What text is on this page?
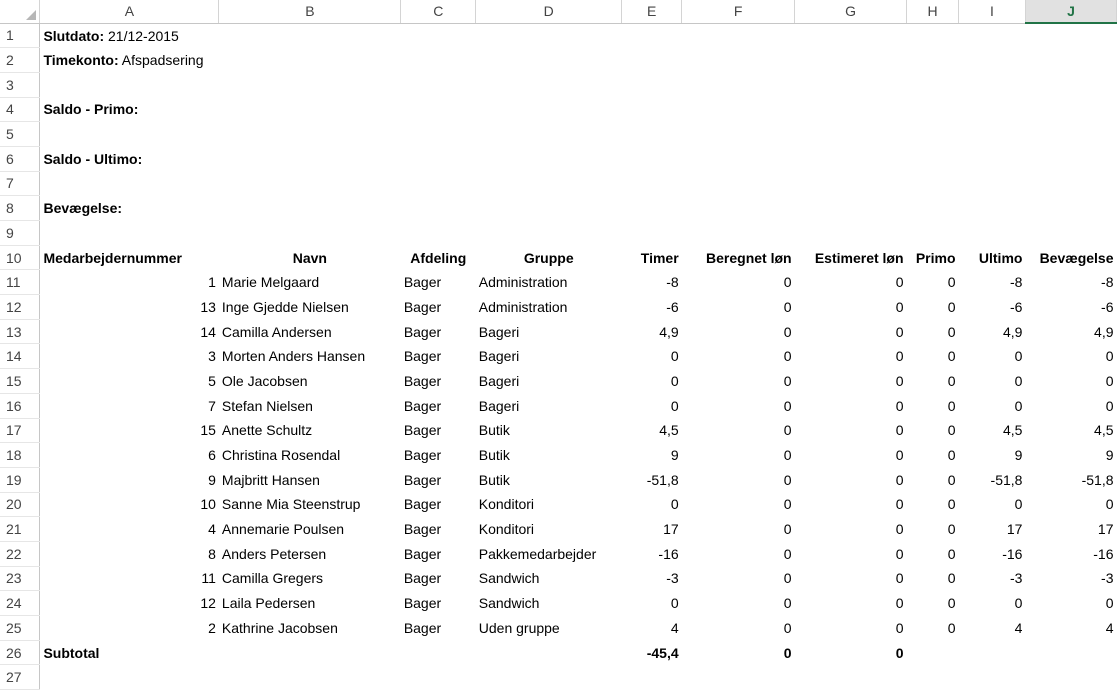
	A	B	C	D	E	F	G	H	I	J
1	Slutdato: 21/12-2015									
2	Timekonto: Afspadsering									
3										
4	Saldo - Primo:									
5										
6	Saldo - Ultimo:									
7										
8	Bevægelse:									
9										
10	Medarbejdernummer	Navn	Afdeling	Gruppe	Timer	Beregnet løn	Estimeret løn	Primo	Ultimo	Bevægelse
11	1	Marie Melgaard	Bager	Administration	-8	0	0	0	-8	-8
12	13	Inge Gjedde Nielsen	Bager	Administration	-6	0	0	0	-6	-6
13	14	Camilla Andersen	Bager	Bageri	4,9	0	0	0	4,9	4,9
14	3	Morten Anders Hansen	Bager	Bageri	0	0	0	0	0	0
15	5	Ole Jacobsen	Bager	Bageri	0	0	0	0	0	0
16	7	Stefan Nielsen	Bager	Bageri	0	0	0	0	0	0
17	15	Anette Schultz	Bager	Butik	4,5	0	0	0	4,5	4,5
18	6	Christina Rosendal	Bager	Butik	9	0	0	0	9	9
19	9	Majbritt Hansen	Bager	Butik	-51,8	0	0	0	-51,8	-51,8
20	10	Sanne Mia Steenstrup	Bager	Konditori	0	0	0	0	0	0
21	4	Annemarie Poulsen	Bager	Konditori	17	0	0	0	17	17
22	8	Anders Petersen	Bager	Pakkemedarbejder	-16	0	0	0	-16	-16
23	11	Camilla Gregers	Bager	Sandwich	-3	0	0	0	-3	-3
24	12	Laila Pedersen	Bager	Sandwich	0	0	0	0	0	0
25	2	Kathrine Jacobsen	Bager	Uden gruppe	4	0	0	0	4	4
26	Subtotal				-45,4	0	0			
27										
